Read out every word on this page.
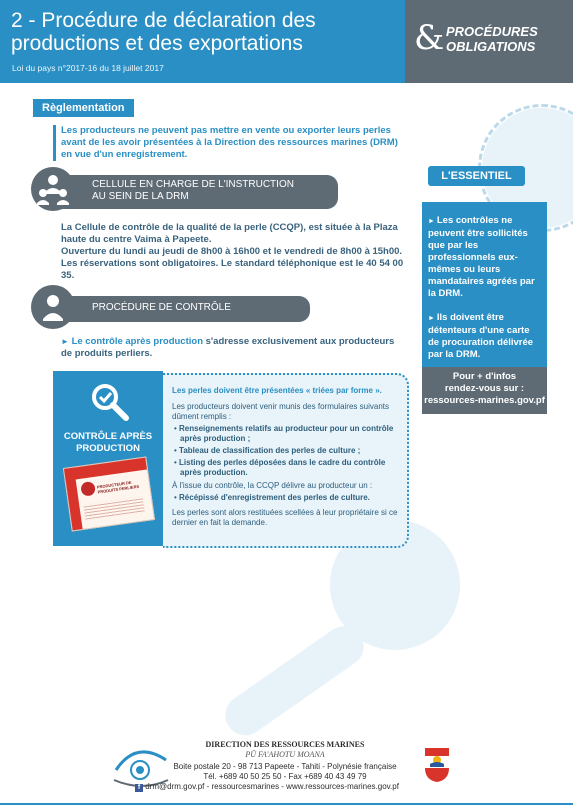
2 - Procédure de déclaration des productions et des exportations
Loi du pays n°2017-16 du 18 juillet 2017
& PROCÉDURES
OBLIGATIONS
Règlementation
Les producteurs ne peuvent pas mettre en vente ou exporter leurs perles avant de les avoir présentées à la Direction des ressources marines (DRM) en vue d'un enregistrement.
CELLULE EN CHARGE DE L'INSTRUCTION
AU SEIN DE LA DRM
La Cellule de contrôle de la qualité de la perle (CCQP), est située à la Plaza haute du centre Vaima à Papeete.
Ouverture du lundi au jeudi de 8h00 à 16h00 et le vendredi de 8h00 à 15h00.
Les réservations sont obligatoires. Le standard téléphonique est le 40 54 00 35.
PROCÉDURE DE CONTRÔLE
► Le contrôle après production s'adresse exclusivement aux producteurs de produits perliers.
CONTRÔLE APRÈS
PRODUCTION
PRODUCTEUR DE PRODUITS PERLIERS
Les perles doivent être présentées « triées par forme ».
Les producteurs doivent venir munis des formulaires suivants dûment remplis :
• Renseignements relatifs au producteur pour un contrôle après production ;
• Tableau de classification des perles de culture ;
• Listing des perles déposées dans le cadre du contrôle après production.
À l'issue du contrôle, la CCQP délivre au producteur un :
• Récépissé d'enregistrement des perles de culture.
Les perles sont alors restituées scellées à leur propriétaire si ce dernier en fait la demande.
L'ESSENTIEL
► Les contrôles ne peuvent être sollicités que par les professionnels eux-mêmes ou leurs mandataires agréés par la DRM.
► Ils doivent être détenteurs d'une carte de procuration délivrée par la DRM.
Pour + d'infos
rendez-vous sur :
ressources-marines.gov.pf
DIRECTION DES RESSOURCES MARINES
PŪ FA'AHOTU MOANA
Boite postale 20 - 98 713 Papeete - Tahiti - Polynésie française
Tél. +689 40 50 25 50 - Fax +689 40 43 49 79
f drm@drm.gov.pf - ressourcesmarines - www.ressources-marines.gov.pf
